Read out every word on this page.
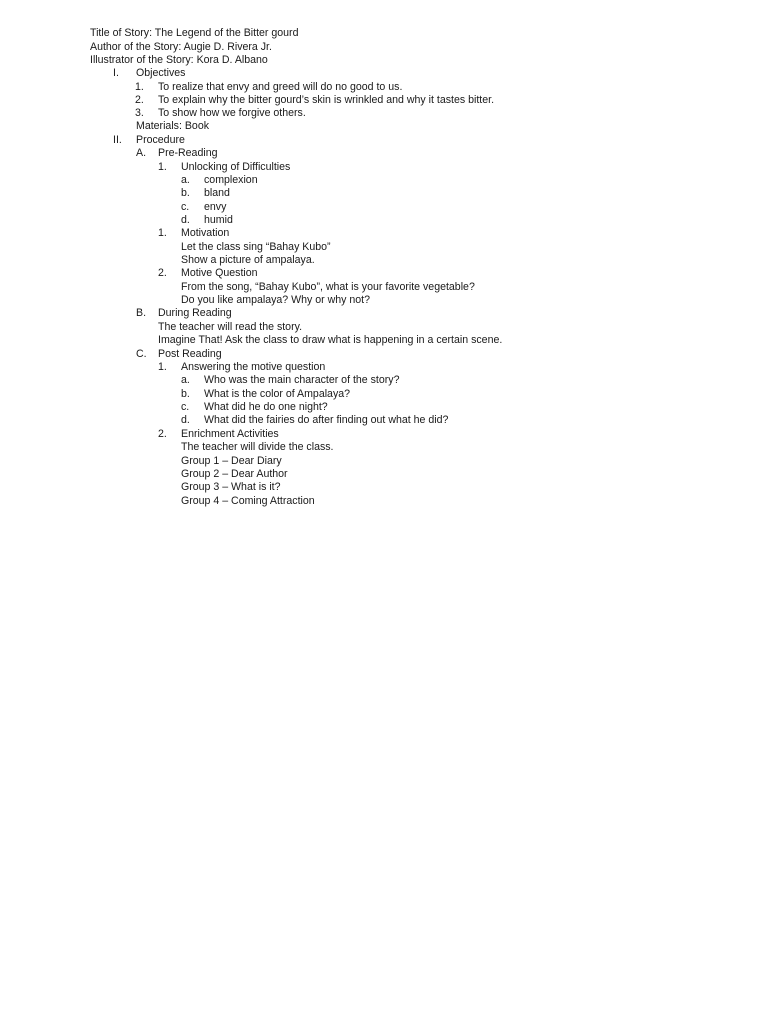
Title of Story: The Legend of the Bitter gourd
Author of the Story: Augie D. Rivera Jr.
Illustrator of the Story: Kora D. Albano
I. Objectives
1. To realize that envy and greed will do no good to us.
2. To explain why the bitter gourd’s skin is wrinkled and why it tastes bitter.
3. To show how we forgive others.
Materials: Book
II. Procedure
A. Pre-Reading
1. Unlocking of Difficulties
a. complexion
b. bland
c. envy
d. humid
1. Motivation
Let the class sing “Bahay Kubo”
Show a picture of ampalaya.
2. Motive Question
From the song, “Bahay Kubo”, what is your favorite vegetable?
Do you like ampalaya? Why or why not?
B. During Reading
The teacher will read the story.
Imagine That! Ask the class to draw what is happening in a certain scene.
C. Post Reading
1. Answering the motive question
a. Who was the main character of the story?
b. What is the color of Ampalaya?
c. What did he do one night?
d. What did the fairies do after finding out what he did?
2. Enrichment Activities
The teacher will divide the class.
Group 1 – Dear Diary
Group 2 – Dear Author
Group 3 – What is it?
Group 4 – Coming Attraction
